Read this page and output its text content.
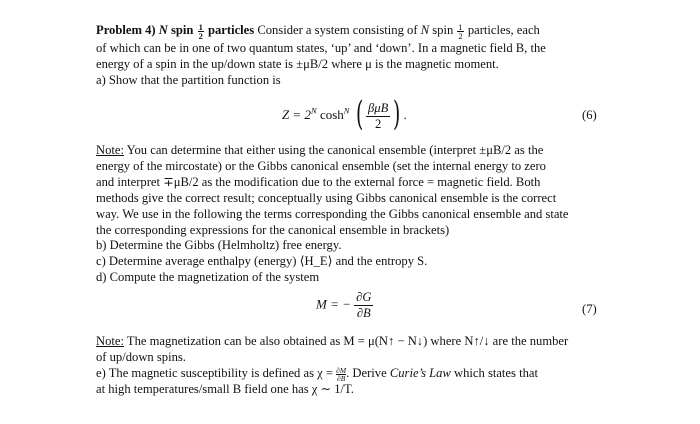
Problem 4) N spin $\frac{1}{2}$ particles Consider a system consisting of N spin $\frac{1}{2}$ particles, each
of which can be in one of two quantum states, ‘up’ and ‘down’. In a magnetic field B, the
energy of a spin in the up/down state is ±μB/2 where μ is the magnetic moment.
a) Show that the partition function is
$Z = 2^N$ $\cosh^N$ ( $\frac{\text{βμB}}{2}$ ) .	(6)
Note: You can determine that either using the canonical ensemble (interpret ±μB/2 as the
energy of the mircostate) or the Gibbs canonical ensemble (set the internal energy to zero
and interpret ∓μB/2 as the modification due to the external force = magnetic field. Both
methods give the correct result; conceptually using Gibbs canonical ensemble is the correct
way. We use in the following the terms corresponding the Gibbs canonical ensemble and state
the corresponding expressions for the canonical ensemble in brackets)
b) Determine the Gibbs (Helmholtz) free energy.
c) Determine average enthalpy (energy) ⟨H_E⟩ and the entropy S.
d) Compute the magnetization of the system
M = − $\frac{\partial G}{\partial B}$	(7)
Note: The magnetization can be also obtained as M = μ(N↑ − N↓) where N↑/↓ are the number
of up/down spins.
e) The magnetic susceptibility is defined as $\chi = \frac{\partial M}{\partial B}$ . Derive Curie’s Law which states that
at high temperatures/small B field one has χ ∼ 1/T.
